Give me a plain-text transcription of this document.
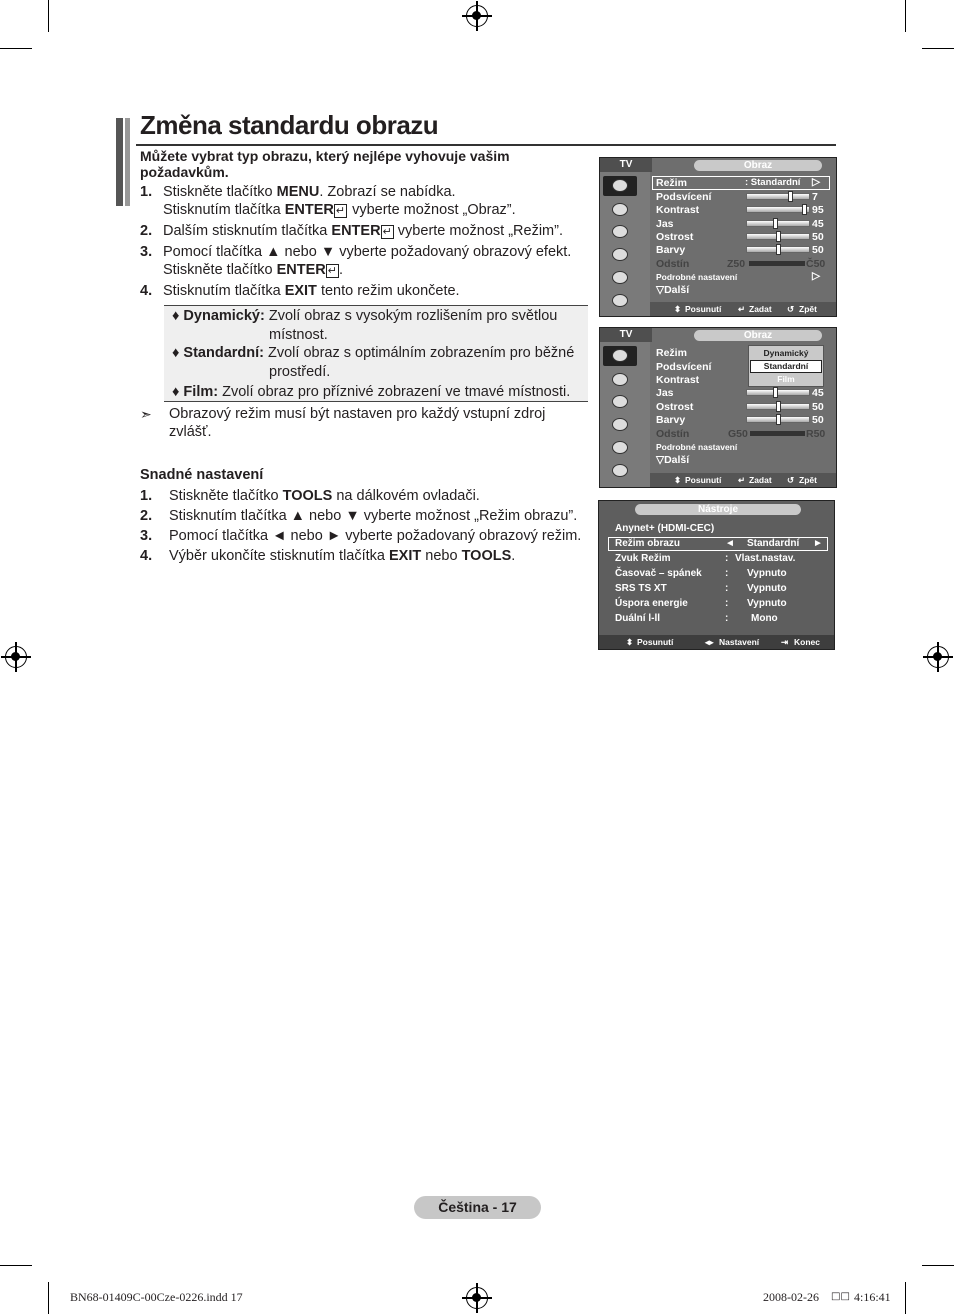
Změna standardu obrazu
Můžete vybrat typ obrazu, který nejlépe vyhovuje vašim požadavkům.
1. Stiskněte tlačítko MENU. Zobrazí se nabídka.
Stisknutím tlačítka ENTER ↵ vyberte možnost „Obraz”.
2. Dalším stisknutím tlačítka ENTER ↵ vyberte možnost „Režim”.
3. Pomocí tlačítka ▲ nebo ▼ vyberte požadovaný obrazový efekt.
Stiskněte tlačítko ENTER ↵ .
4. Stisknutím tlačítka EXIT tento režim ukončete.
♦ Dynamický: Zvolí obraz s vysokým rozlišením pro světlou
místnost.
♦ Standardní: Zvolí obraz s optimálním zobrazením pro běžné
prostředí.
♦ Film: Zvolí obraz pro příznivé zobrazení ve tmavé místnosti.
➣	Obrazový režim musí být nastaven pro každý vstupní zdroj zvlášť.
Snadné nastavení
1. Stiskněte tlačítko TOOLS na dálkovém ovladači.
2. Stisknutím tlačítka ▲ nebo ▼ vyberte možnost „Režim obrazu”.
3. Pomocí tlačítka ◄ nebo ► vyberte požadovaný obrazový režim.
4. Výběr ukončíte stisknutím tlačítka EXIT nebo TOOLS.
TV	Obraz
Režim	: Standardní ▷
Podsvícení	7
Kontrast	95
Jas	45
Ostrost	50
Barvy	50
Odstín	Z50	Č50
Podrobné nastavení	▷
▽Další
⬍ Posunutí ↵ Zadat ↺ Zpět
TV	Obraz
Režim
Podsvícení
Kontrast
Jas	45
Ostrost	50
Barvy	50
Odstín	G50	R50
Podrobné nastavení
▽Další
Dynamický
Standardní
Film
⬍ Posunutí ↵ Zadat ↺ Zpět
Nástroje
Anynet+ (HDMI-CEC)
Režim obrazu	◄ Standardní ►
Zvuk Režim	: Vlast.nastav.
Časovač – spánek : Vypnuto
SRS TS XT	: Vypnuto
Úspora energie	: Vypnuto
Duální l-ll	: Mono
⬍ Posunutí	◂▸ Nastavení	⇥ Konec
Čeština - 17
BN68-01409C-00Cze-0226.indd 17	2008-02-26 □□ 4:16:41
